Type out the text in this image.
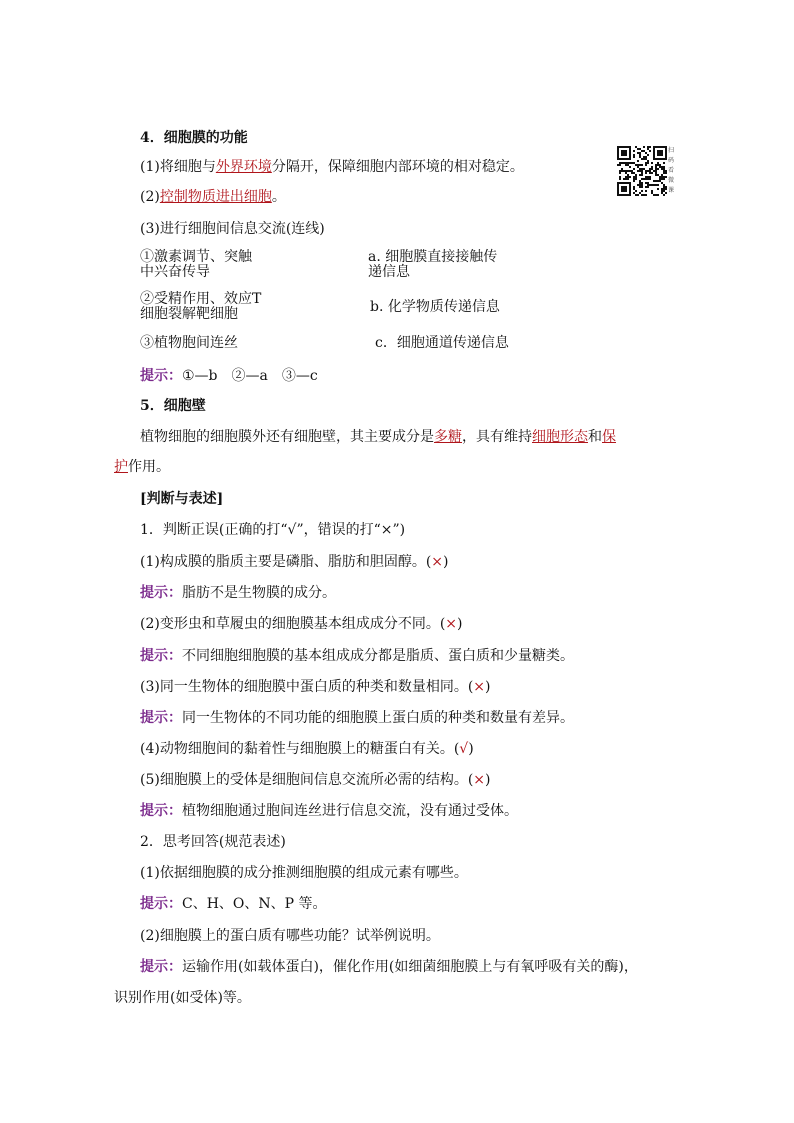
4．细胞膜的功能
(1)将细胞与外界环境分隔开，保障细胞内部环境的相对稳定。
(2)控制物质进出细胞。
(3)进行细胞间信息交流(连线)
①激素调节、突触
中兴奋传导
a. 细胞膜直接接触传
递信息
②受精作用、效应T
细胞裂解靶细胞	b. 化学物质传递信息
③植物胞间连丝	c．细胞通道传递信息
提示：①—b　②—a　③—c
扫码看微课
5．细胞壁
植物细胞的细胞膜外还有细胞壁，其主要成分是多糖，具有维持细胞形态和保
护作用。
[判断与表述]
1．判断正误(正确的打“√”，错误的打“×”)
(1)构成膜的脂质主要是磷脂、脂肪和胆固醇。(×)
提示：脂肪不是生物膜的成分。
(2)变形虫和草履虫的细胞膜基本组成成分不同。(×)
提示：不同细胞细胞膜的基本组成成分都是脂质、蛋白质和少量糖类。
(3)同一生物体的细胞膜中蛋白质的种类和数量相同。(×)
提示：同一生物体的不同功能的细胞膜上蛋白质的种类和数量有差异。
(4)动物细胞间的黏着性与细胞膜上的糖蛋白有关。(√)
(5)细胞膜上的受体是细胞间信息交流所必需的结构。(×)
提示：植物细胞通过胞间连丝进行信息交流，没有通过受体。
2．思考回答(规范表述)
(1)依据细胞膜的成分推测细胞膜的组成元素有哪些。
提示：C、H、O、N、P 等。
(2)细胞膜上的蛋白质有哪些功能？试举例说明。
提示：运输作用(如载体蛋白)，催化作用(如细菌细胞膜上与有氧呼吸有关的酶)，
识别作用(如受体)等。
